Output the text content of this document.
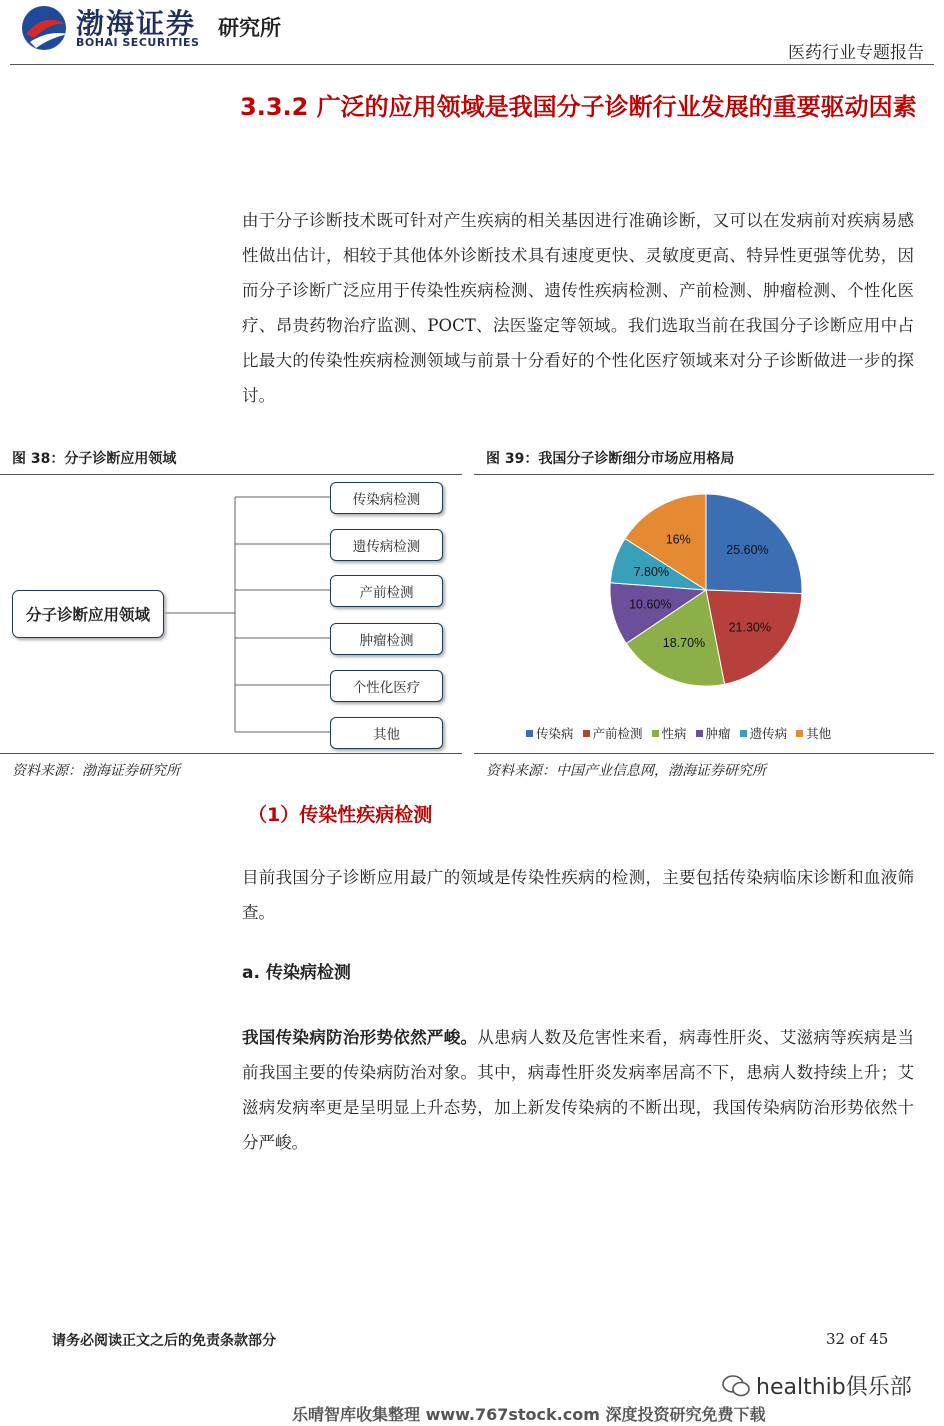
渤海证券
BOHAI SECURITIES
研究所
医药行业专题报告
3.3.2 广泛的应用领域是我国分子诊断行业发展的重要驱动因素
由于分子诊断技术既可针对产生疾病的相关基因进行准确诊断，又可以在发病前对疾病易感性做出估计，相较于其他体外诊断技术具有速度更快、灵敏度更高、特异性更强等优势，因而分子诊断广泛应用于传染性疾病检测、遗传性疾病检测、产前检测、肿瘤检测、个性化医疗、昂贵药物治疗监测、POCT、法医鉴定等领域。我们选取当前在我国分子诊断应用中占比最大的传染性疾病检测领域与前景十分看好的个性化医疗领域来对分子诊断做进一步的探讨。
图 38：分子诊断应用领域
分子诊断应用领域
传染病检测
遗传病检测
产前检测
肿瘤检测
个性化医疗
其他
资料来源：渤海证券研究所
图 39：我国分子诊断细分市场应用格局
25.60%
21.30%
18.70%
10.60%
7.80%
16%
传染病 产前检测 性病 肿瘤 遗传病 其他
资料来源：中国产业信息网，渤海证券研究所
（1）传染性疾病检测
目前我国分子诊断应用最广的领域是传染性疾病的检测，主要包括传染病临床诊断和血液筛查。
a. 传染病检测
我国传染病防治形势依然严峻。从患病人数及危害性来看，病毒性肝炎、艾滋病等疾病是当前我国主要的传染病防治对象。其中，病毒性肝炎发病率居高不下，患病人数持续上升；艾滋病发病率更是呈明显上升态势，加上新发传染病的不断出现，我国传染病防治形势依然十分严峻。
请务必阅读正文之后的免责条款部分	32 of 45
healthib俱乐部
乐晴智库收集整理 www.767stock.com 深度投资研究免费下载
